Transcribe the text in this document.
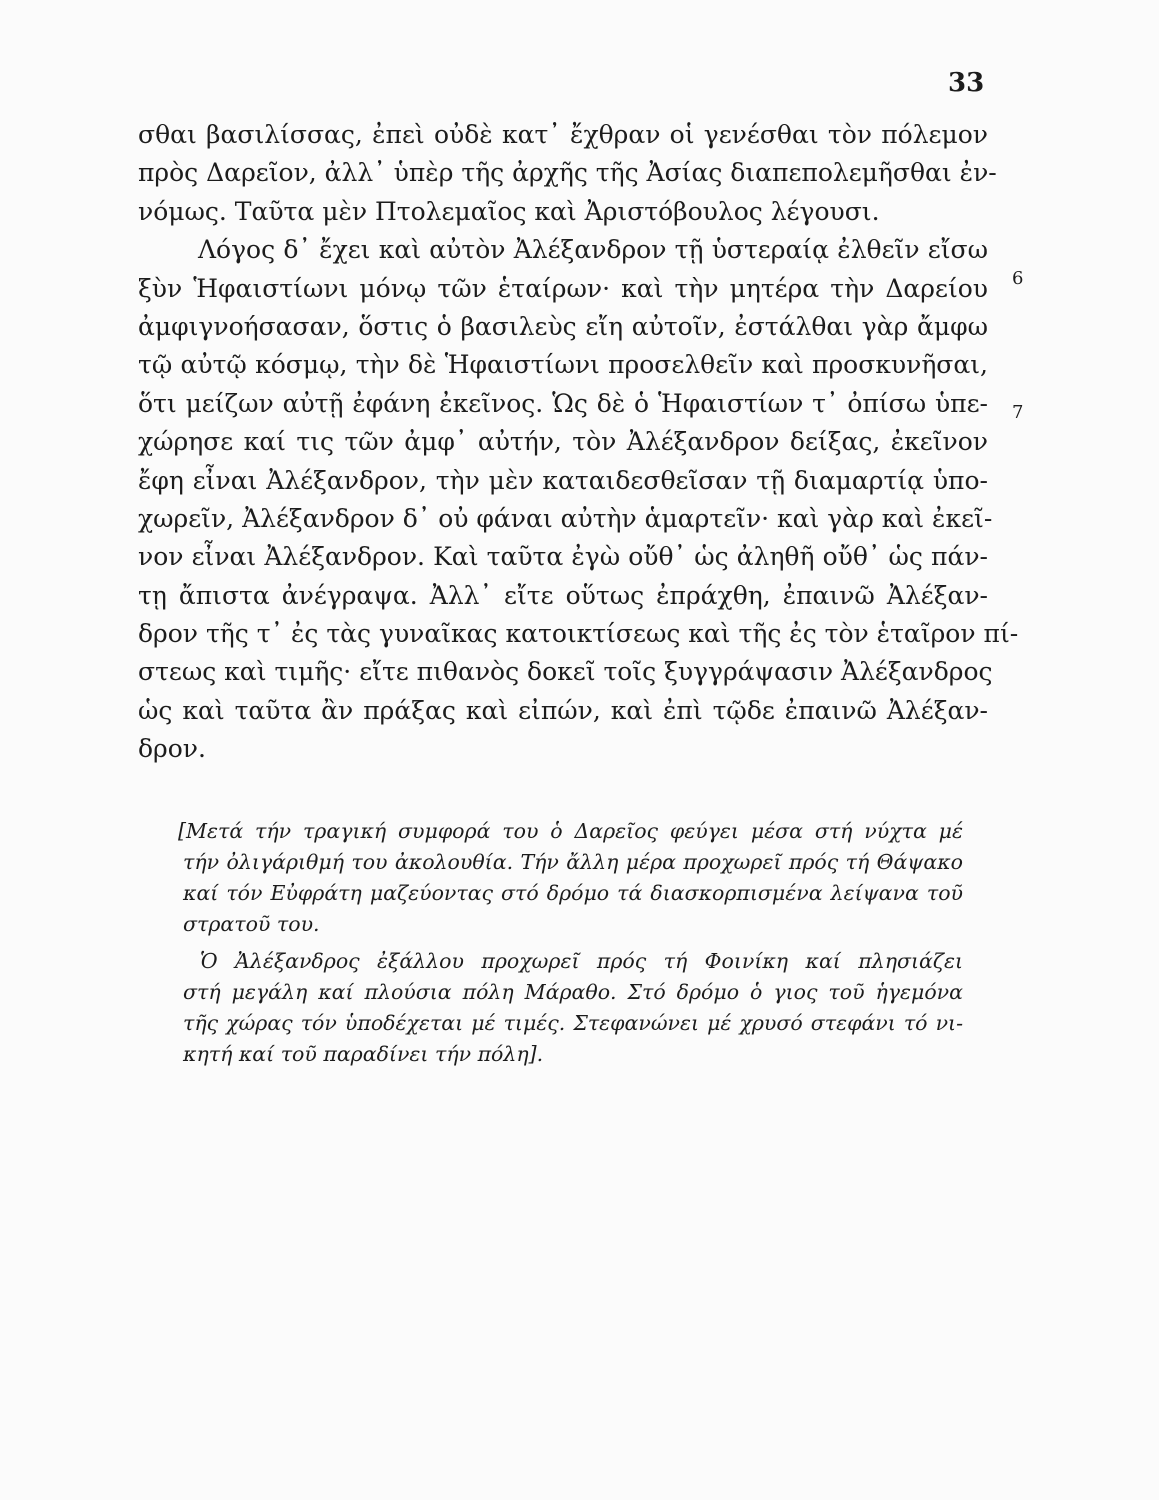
33
σθαι βασιλίσσας, ἐπεὶ οὐδὲ κατ᾽ ἔχθραν οἱ γενέσθαι τὸν πόλεμον
πρὸς Δαρεῖον, ἀλλ᾽ ὑπὲρ τῆς ἀρχῆς τῆς Ἀσίας διαπεπολεμῆσθαι ἐν-
νόμως. Ταῦτα μὲν Πτολεμαῖος καὶ Ἀριστόβουλος λέγουσι.
Λόγος δ᾽ ἔχει καὶ αὐτὸν Ἀλέξανδρον τῇ ὑστεραίᾳ ἐλθεῖν εἴσω
ξὺν Ἡφαιστίωνι μόνῳ τῶν ἑταίρων· καὶ τὴν μητέρα τὴν Δαρείου
ἀμφιγνοήσασαν, ὅστις ὁ βασιλεὺς εἴη αὐτοῖν, ἐστάλθαι γὰρ ἄμφω
τῷ αὐτῷ κόσμῳ, τὴν δὲ Ἡφαιστίωνι προσελθεῖν καὶ προσκυνῆσαι,
ὅτι μείζων αὐτῇ ἐφάνη ἐκεῖνος. Ὡς δὲ ὁ Ἡφαιστίων τ᾽ ὀπίσω ὑπε-
χώρησε καί τις τῶν ἀμφ᾽ αὐτήν, τὸν Ἀλέξανδρον δείξας, ἐκεῖνον
ἔφη εἶναι Ἀλέξανδρον, τὴν μὲν καταιδεσθεῖσαν τῇ διαμαρτίᾳ ὑπο-
χωρεῖν, Ἀλέξανδρον δ᾽ οὐ φάναι αὐτὴν ἁμαρτεῖν· καὶ γὰρ καὶ ἐκεῖ-
νον εἶναι Ἀλέξανδρον. Καὶ ταῦτα ἐγὼ οὔθ᾽ ὡς ἀληθῆ οὔθ᾽ ὡς πάν-
τῃ ἄπιστα ἀνέγραψα. Ἀλλ᾽ εἴτε οὕτως ἐπράχθη, ἐπαινῶ Ἀλέξαν-
δρον τῆς τ᾽ ἐς τὰς γυναῖκας κατοικτίσεως καὶ τῆς ἐς τὸν ἑταῖρον πί-
στεως καὶ τιμῆς· εἴτε πιθανὸς δοκεῖ τοῖς ξυγγράψασιν Ἀλέξανδρος
ὡς καὶ ταῦτα ἂν πράξας καὶ εἰπών, καὶ ἐπὶ τῷδε ἐπαινῶ Ἀλέξαν-
δρον.
6
7
[Μετά τήν τραγική συμφορά του ὁ Δαρεῖος φεύγει μέσα στή νύχτα μέ
τήν ὀλιγάριθμή του ἀκολουθία. Τήν ἄλλη μέρα προχωρεῖ πρός τή Θάψακο
καί τόν Εὐφράτη μαζεύοντας στό δρόμο τά διασκορπισμένα λείψανα τοῦ
στρατοῦ του.
Ὁ Ἀλέξανδρος ἐξάλλου προχωρεῖ πρός τή Φοινίκη καί πλησιάζει
στή μεγάλη καί πλούσια πόλη Μάραθο. Στό δρόμο ὁ γιος τοῦ ἡγεμόνα
τῆς χώρας τόν ὑποδέχεται μέ τιμές. Στεφανώνει μέ χρυσό στεφάνι τό νι-
κητή καί τοῦ παραδίνει τήν πόλη].
